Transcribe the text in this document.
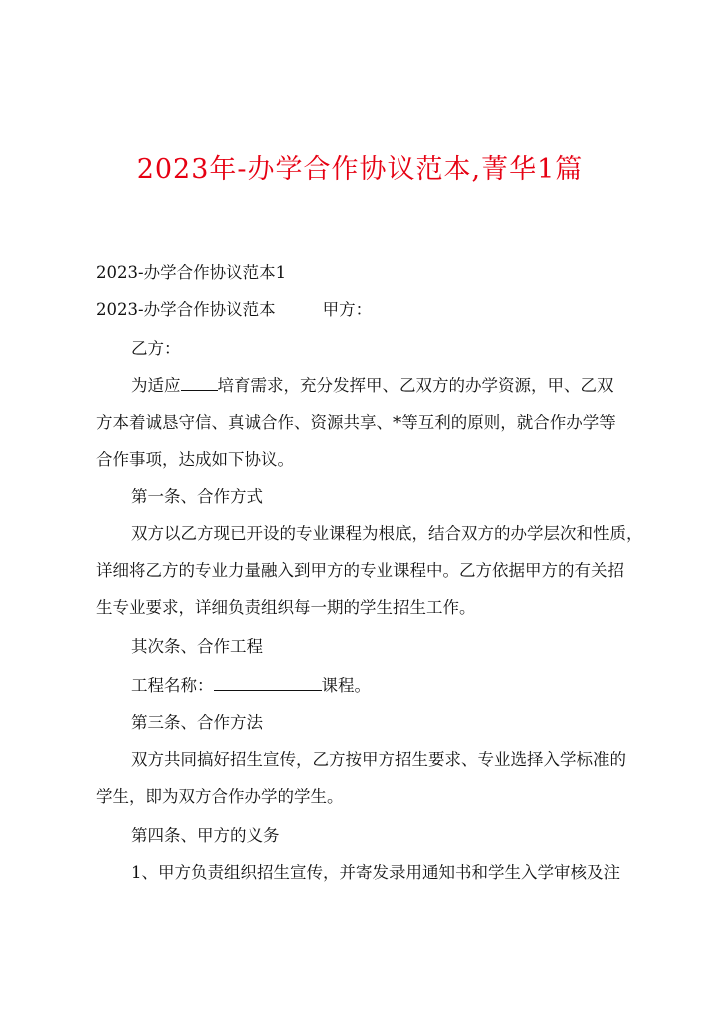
2023年-办学合作协议范本,菁华1篇
2023-办学合作协议范本1
2023-办学合作协议范本	甲方：
乙方：
为适应 培育需求，充分发挥甲、乙双方的办学资源，甲、乙双
方本着诚恳守信、真诚合作、资源共享、*等互利的原则，就合作办学等
合作事项，达成如下协议。
第一条、合作方式
双方以乙方现已开设的专业课程为根底，结合双方的办学层次和性质，
详细将乙方的专业力量融入到甲方的专业课程中。乙方依据甲方的有关招
生专业要求，详细负责组织每一期的学生招生工作。
其次条、合作工程
工程名称：	课程。
第三条、合作方法
双方共同搞好招生宣传，乙方按甲方招生要求、专业选择入学标准的
学生，即为双方合作办学的学生。
第四条、甲方的义务
1、甲方负责组织招生宣传，并寄发录用通知书和学生入学审核及注
